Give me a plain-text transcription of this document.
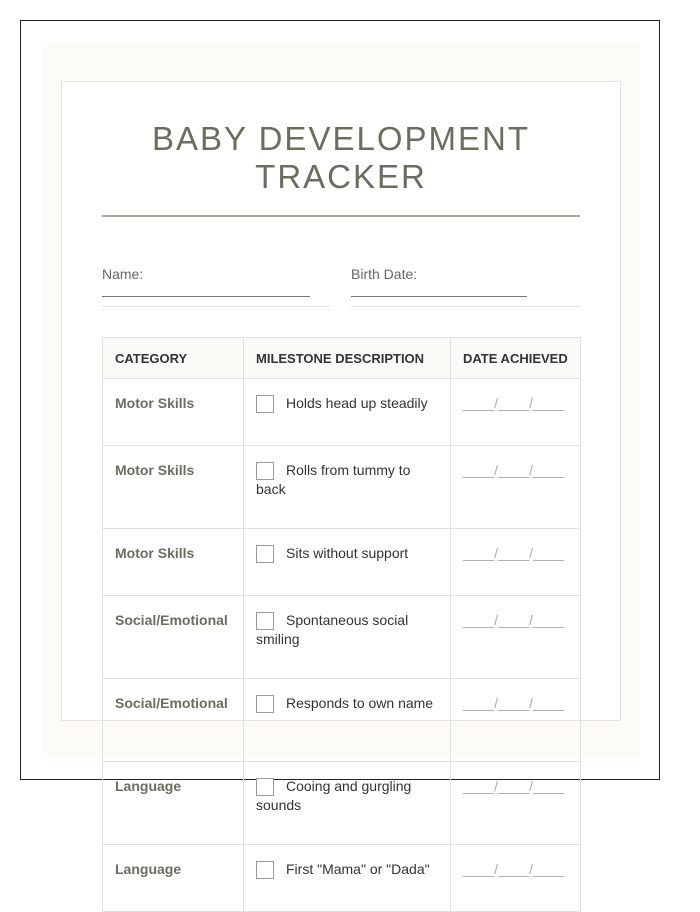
BABY DEVELOPMENT TRACKER
Name:	Birth Date:
CATEGORY	MILESTONE DESCRIPTION	DATE ACHIEVED
Motor Skills	Holds head up steadily	____/____/____
Motor Skills	Rolls from tummy to back	____/____/____
Motor Skills	Sits without support	____/____/____
Social/Emotional	Spontaneous social smiling	____/____/____
Social/Emotional	Responds to own name	____/____/____
Language	Cooing and gurgling sounds	____/____/____
Language	First "Mama" or "Dada"	____/____/____
